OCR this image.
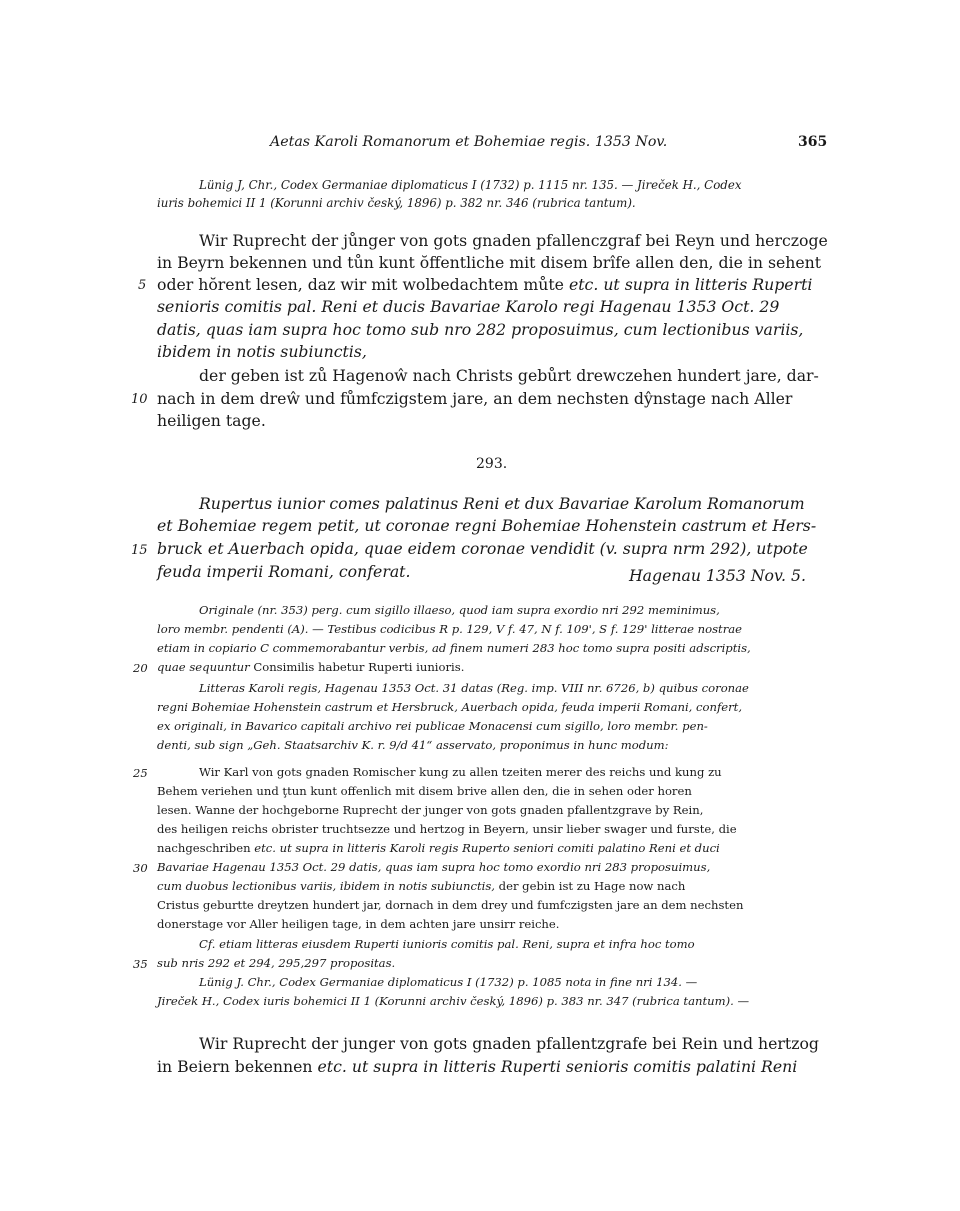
Aetas Karoli Romanorum et Bohemiae regis. 1353 Nov.	365
Lünig J, Chr., Codex Germaniae diplomaticus I (1732) p. 1115 nr. 135. — Jireček H., Codex
iuris bohemici II 1 (Korunni archiv český, 1896) p. 382 nr. 346 (rubrica tantum).
Wir Ruprecht der jůnger von gots gnaden pfallenczgraf bei Reyn und herczoge
in Beyrn bekennen und tůn kunt ŏffentliche mit disem brîfe allen den, die in sehent
oder hŏrent lesen, daz wir mit wolbedachtem můte etc. ut supra in litteris Ruperti
senioris comitis pal. Reni et ducis Bavariae Karolo regi Hagenau 1353 Oct. 29
datis, quas iam supra hoc tomo sub nro 282 proposuimus, cum lectionibus variis,
ibidem in notis subiunctis,
der geben ist zů Hagenoŵ nach Christs gebůrt drewczehen hundert jare, dar-
nach in dem dreŵ und fůmfczigstem jare, an dem nechsten dŷnstage nach Aller
heiligen tage.
5
10
293.
Rupertus iunior comes palatinus Reni et dux Bavariae Karolum Romanorum
et Bohemiae regem petit, ut coronae regni Bohemiae Hohenstein castrum et Hers-
bruck et Auerbach opida, quae eidem coronae vendidit (v. supra nrm 292), utpote
feuda imperii Romani, conferat.	Hagenau 1353 Nov. 5.
15
Originale (nr. 353) perg. cum sigillo illaeso, quod iam supra exordio nri 292 meminimus,
loro membr. pendenti (A). — Testibus codicibus R p. 129, V f. 47, N f. 109', S f. 129' litterae nostrae
etiam in copiario C commemorabantur verbis, ad finem numeri 283 hoc tomo supra positi adscriptis,
quae sequuntur Consimilis habetur Ruperti iunioris.
Litteras Karoli regis, Hagenau 1353 Oct. 31 datas (Reg. imp. VIII nr. 6726, b) quibus coronae
regni Bohemiae Hohenstein castrum et Hersbruck, Auerbach opida, feuda imperii Romani, confert,
ex originali, in Bavarico capitali archivo rei publicae Monacensi cum sigillo, loro membr. pen-
denti, sub sign „Geh. Staatsarchiv K. r. 9/d 41“ asservato, proponimus in hunc modum:
20
Wir Karl von gots gnaden Romischer kung zu allen tzeiten merer des reichs und kung zu
Behem veriehen und ţtun kunt offenlich mit disem brive allen den, die in sehen oder horen
lesen. Wanne der hochgeborne Ruprecht der junger von gots gnaden pfallentzgrave by Rein,
des heiligen reichs obrister truchtsezze und hertzog in Beyern, unsir lieber swager und furste, die
nachgeschriben etc. ut supra in litteris Karoli regis Ruperto seniori comiti palatino Reni et duci
Bavariae Hagenau 1353 Oct. 29 datis, quas iam supra hoc tomo exordio nri 283 proposuimus,
cum duobus lectionibus variis, ibidem in notis subiunctis, der gebin ist zu Hage now nach
Cristus geburtte dreytzen hundert jar, dornach in dem drey und fumfczigsten jare an dem nechsten
donerstage vor Aller heiligen tage, in dem achten jare unsirr reiche.
25
30
Cf. etiam litteras eiusdem Ruperti iunioris comitis pal. Reni, supra et infra hoc tomo
sub nris 292 et 294, 295,297 propositas.
Lünig J. Chr., Codex Germaniae diplomaticus I (1732) p. 1085 nota in fine nri 134. —
Jireček H., Codex iuris bohemici II 1 (Korunni archiv český, 1896) p. 383 nr. 347 (rubrica tantum). —
35
Wir Ruprecht der junger von gots gnaden pfallentzgrafe bei Rein und hertzog
in Beiern bekennen etc. ut supra in litteris Ruperti senioris comitis palatini Reni
